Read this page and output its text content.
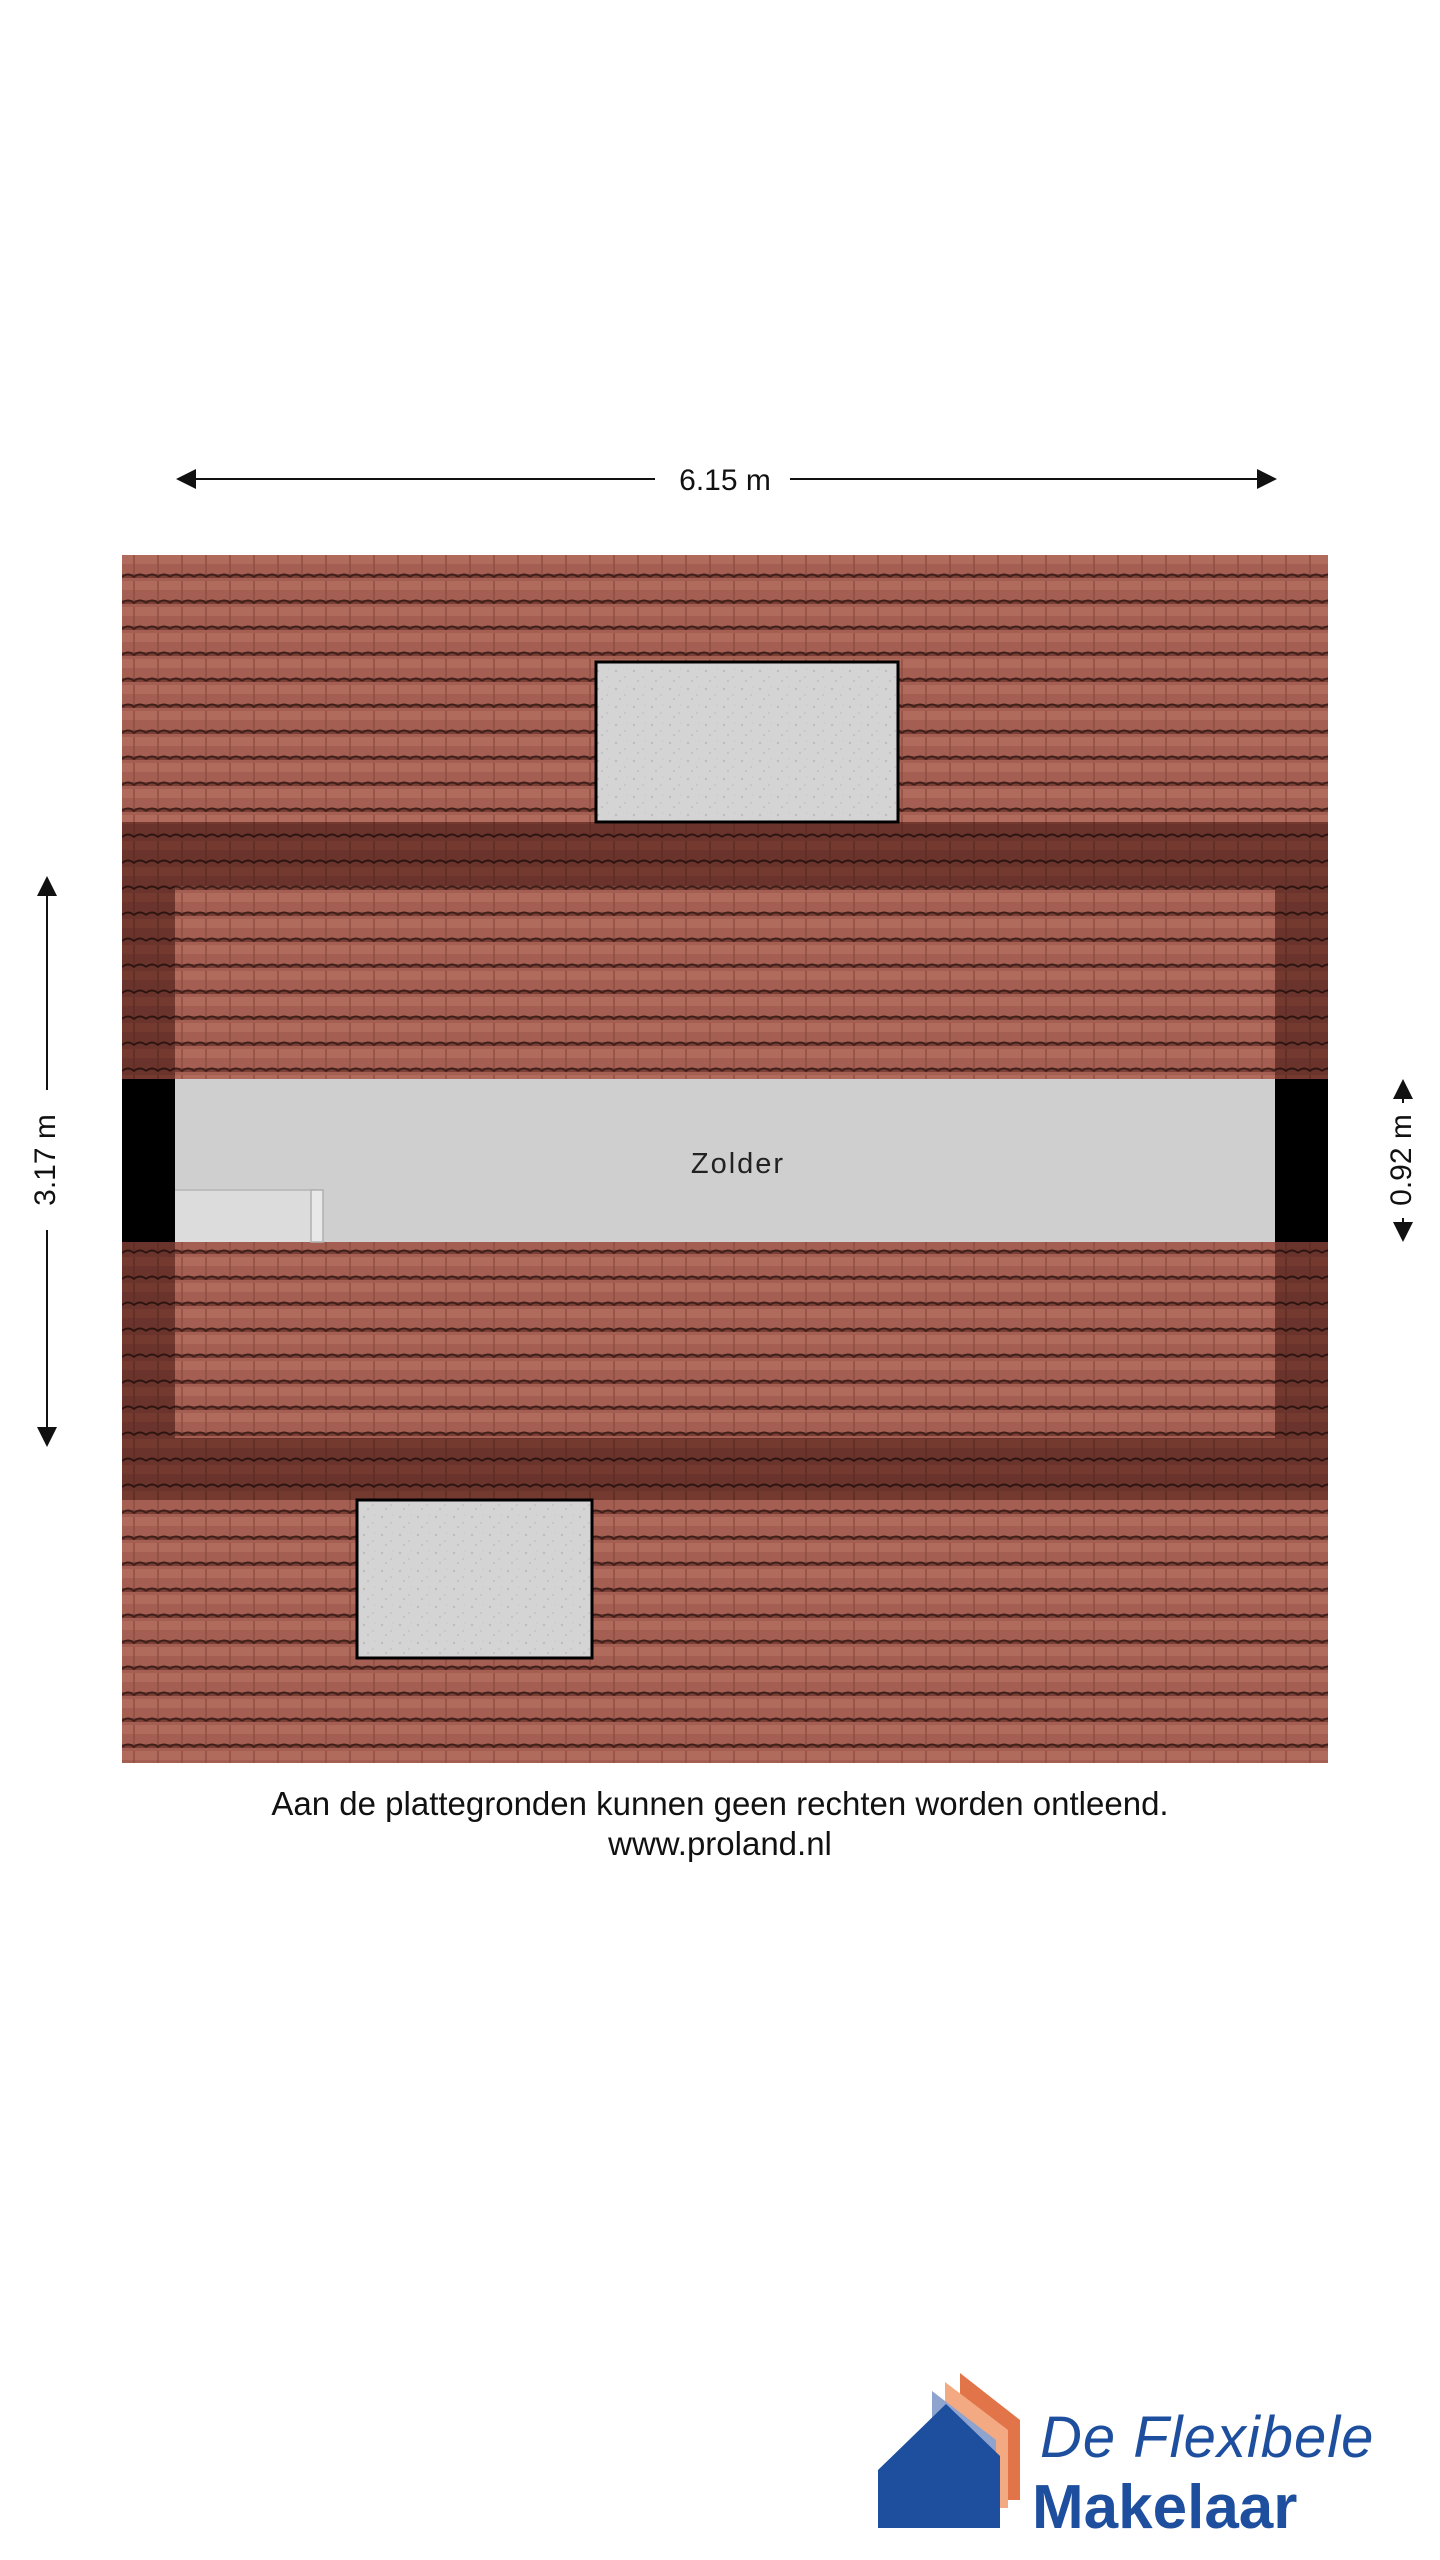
Zolder
6.15 m
3.17 m	0.92 m
Aan de plattegronden kunnen geen rechten worden ontleend.
www.proland.nl
De Flexibele
Makelaar
